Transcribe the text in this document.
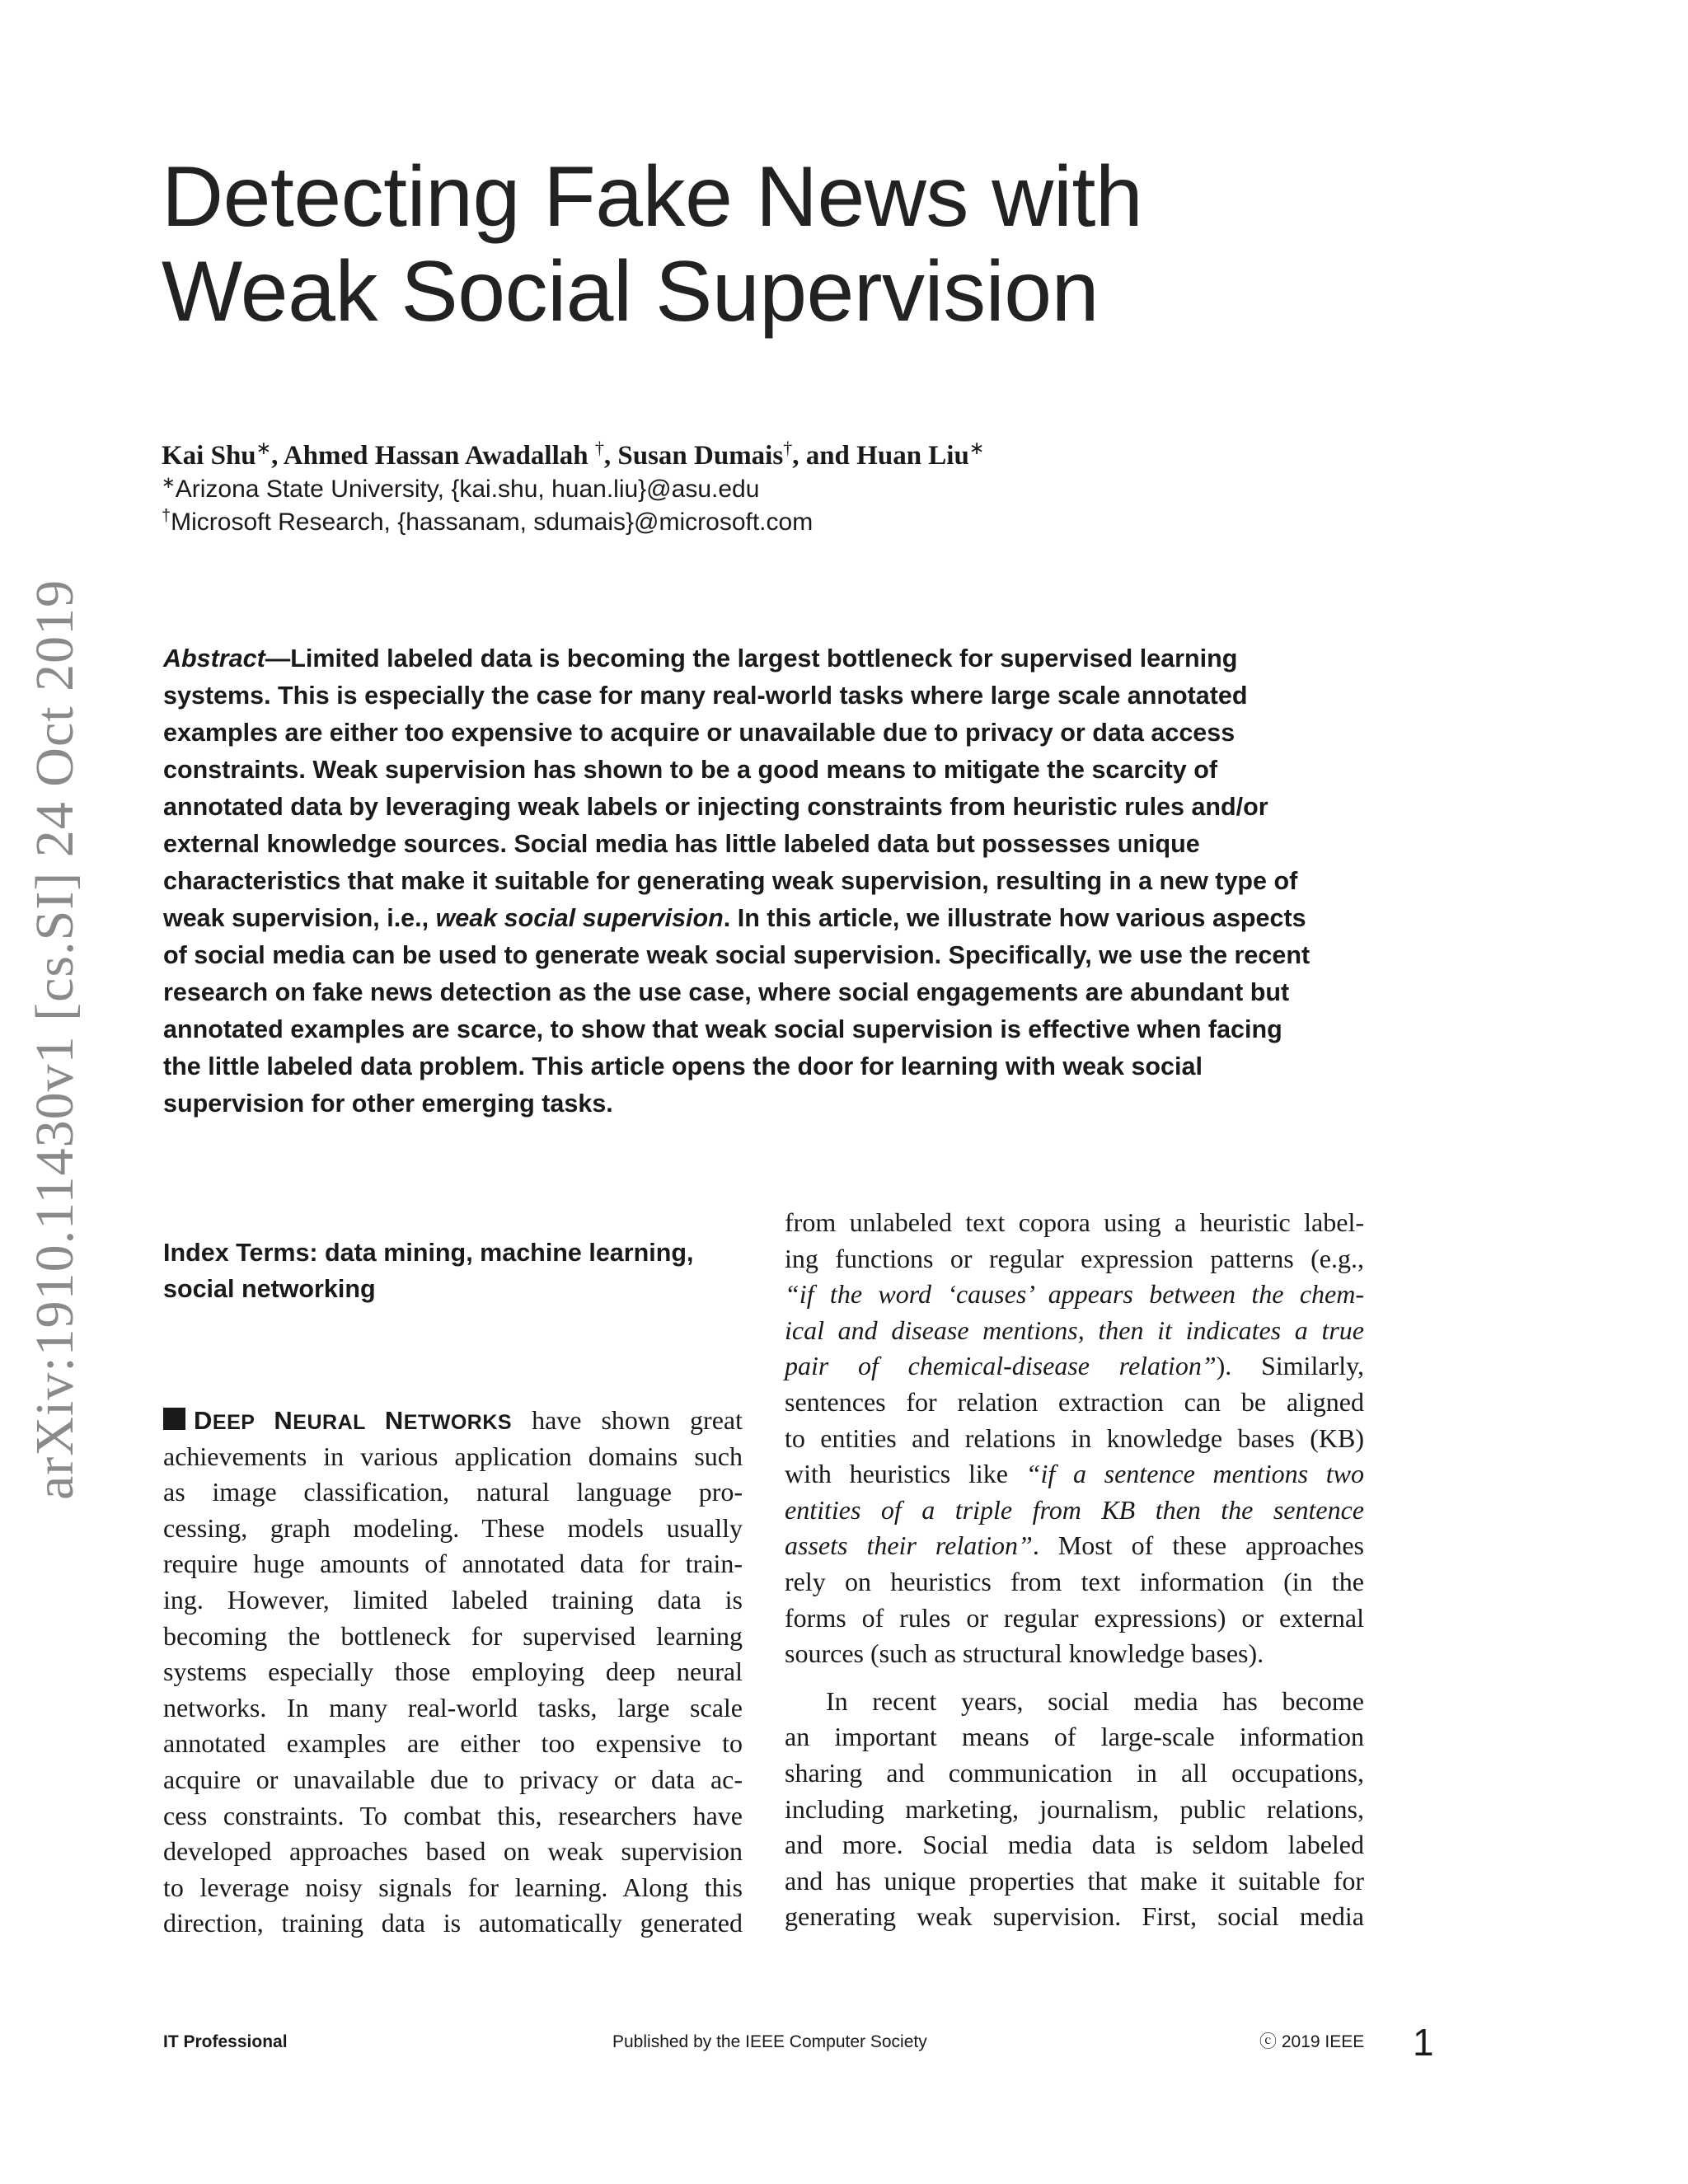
arXiv:1910.11430v1 [cs.SI] 24 Oct 2019
Detecting Fake News with
Weak Social Supervision
Kai Shu∗, Ahmed Hassan Awadallah †, Susan Dumais†, and Huan Liu∗
∗Arizona State University, {kai.shu, huan.liu}@asu.edu
†Microsoft Research, {hassanam, sdumais}@microsoft.com
Abstract—Limited labeled data is becoming the largest bottleneck for supervised learning
systems. This is especially the case for many real-world tasks where large scale annotated
examples are either too expensive to acquire or unavailable due to privacy or data access
constraints. Weak supervision has shown to be a good means to mitigate the scarcity of
annotated data by leveraging weak labels or injecting constraints from heuristic rules and/or
external knowledge sources. Social media has little labeled data but possesses unique
characteristics that make it suitable for generating weak supervision, resulting in a new type of
weak supervision, i.e., weak social supervision. In this article, we illustrate how various aspects
of social media can be used to generate weak social supervision. Specifically, we use the recent
research on fake news detection as the use case, where social engagements are abundant but
annotated examples are scarce, to show that weak social supervision is effective when facing
the little labeled data problem. This article opens the door for learning with weak social
supervision for other emerging tasks.
Index Terms: data mining, machine learning,
social networking
DEEP NEURAL NETWORKS have shown great
achievements in various application domains such
as image classification, natural language pro-
cessing, graph modeling. These models usually
require huge amounts of annotated data for train-
ing. However, limited labeled training data is
becoming the bottleneck for supervised learning
systems especially those employing deep neural
networks. In many real-world tasks, large scale
annotated examples are either too expensive to
acquire or unavailable due to privacy or data ac-
cess constraints. To combat this, researchers have
developed approaches based on weak supervision
to leverage noisy signals for learning. Along this
direction, training data is automatically generated
from unlabeled text copora using a heuristic label-
ing functions or regular expression patterns (e.g.,
“if the word ‘causes’ appears between the chem-
ical and disease mentions, then it indicates a true
pair of chemical-disease relation”). Similarly,
sentences for relation extraction can be aligned
to entities and relations in knowledge bases (KB)
with heuristics like “if a sentence mentions two
entities of a triple from KB then the sentence
assets their relation”. Most of these approaches
rely on heuristics from text information (in the
forms of rules or regular expressions) or external
sources (such as structural knowledge bases).
In recent years, social media has become
an important means of large-scale information
sharing and communication in all occupations,
including marketing, journalism, public relations,
and more. Social media data is seldom labeled
and has unique properties that make it suitable for
generating weak supervision. First, social media
IT Professional	Published by the IEEE Computer Society	ⓒ 2019 IEEE 1
